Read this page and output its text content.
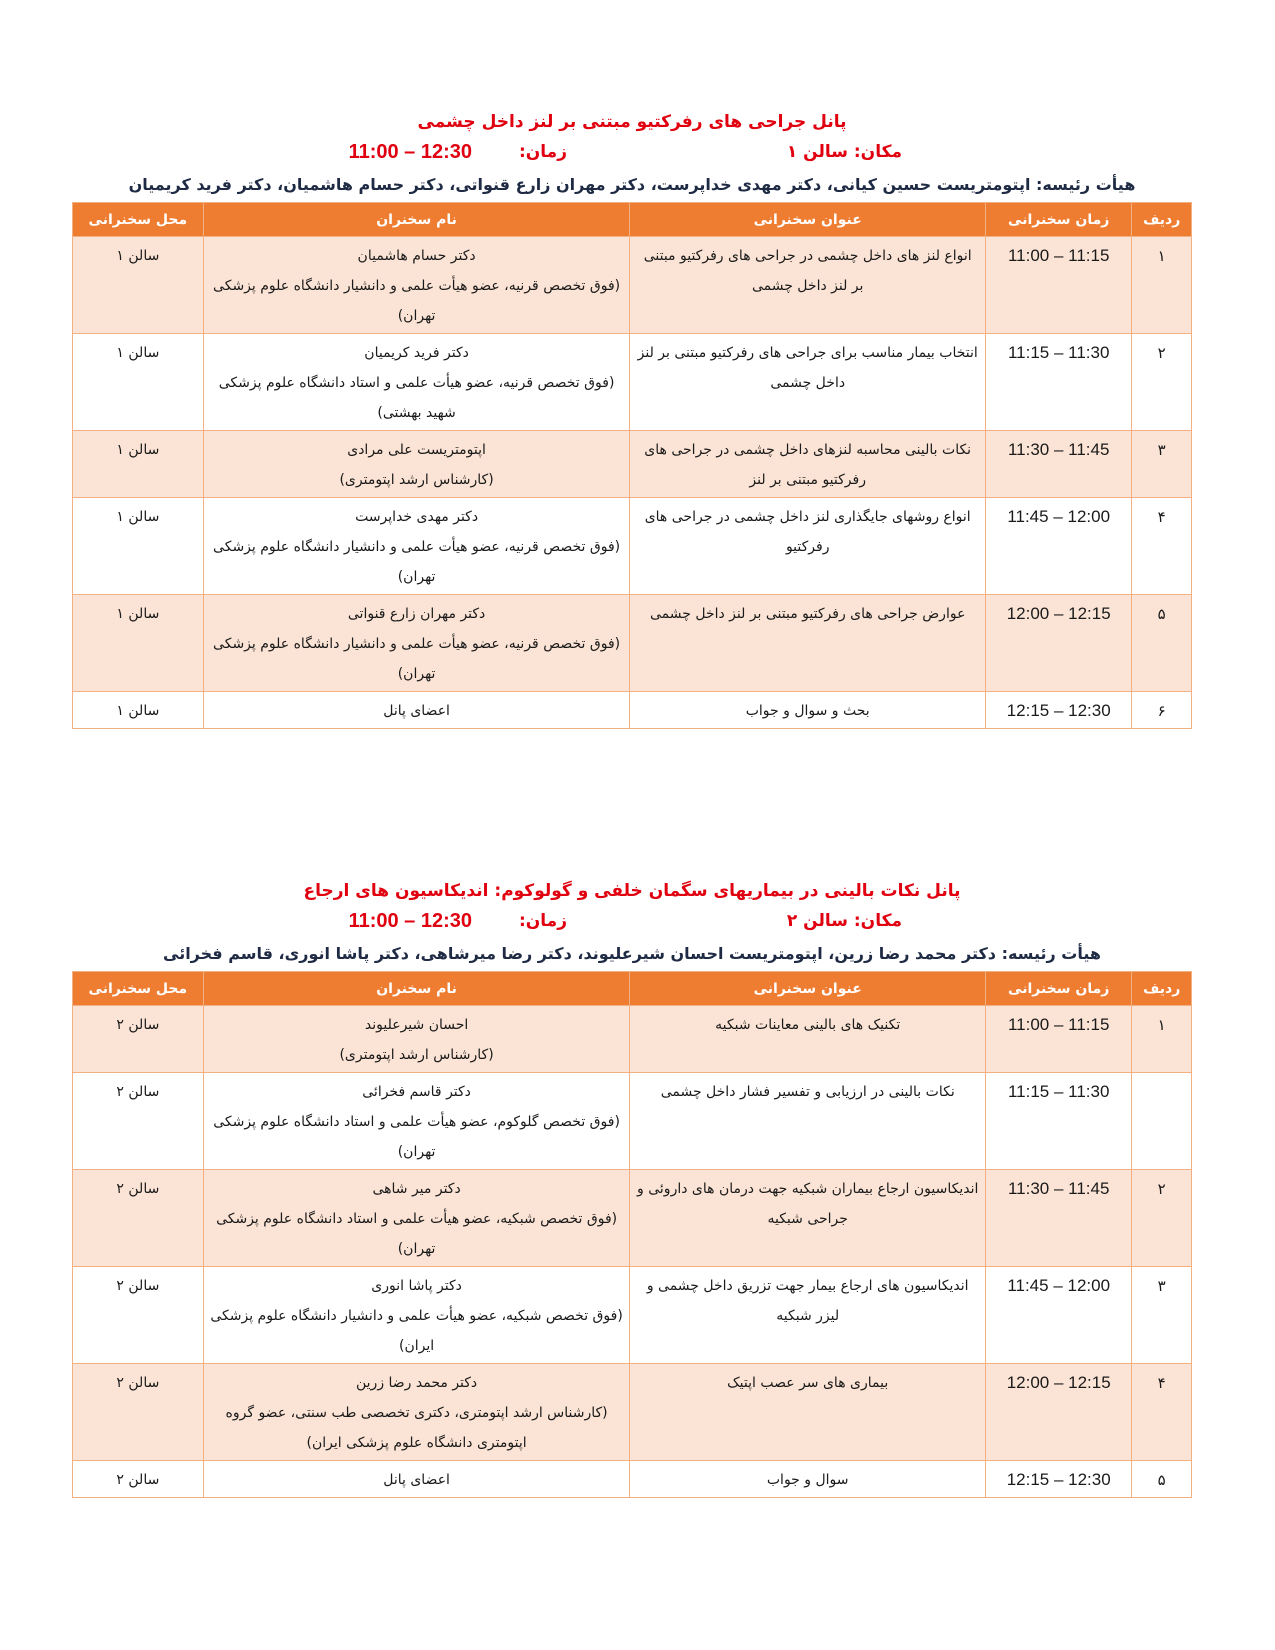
پانل جراحی های رفرکتیو مبتنی بر لنز داخل چشمی
مکان: سالن ۱
زمان:
11:00 – 12:30
هیأت رئیسه: اپتومتریست حسین کیانی، دکتر مهدی خداپرست، دکتر مهران زارع قنواتی، دکتر حسام هاشمیان، دکتر فرید کریمیان
ردیف	زمان سخنرانی	عنوان سخنرانی	نام سخنران	محل سخنرانی
۱	11:00 – 11:15	انواع لنز های داخل چشمی در جراحی های رفرکتیو مبتنی بر لنز داخل چشمی	دکتر حسام هاشمیان
(فوق تخصص قرنیه، عضو هیأت علمی و دانشیار دانشگاه علوم پزشکی تهران)	سالن ۱
۲	11:15 – 11:30	انتخاب بیمار مناسب برای جراحی های رفرکتیو مبتنی بر لنز داخل چشمی	دکتر فرید کریمیان
(فوق تخصص قرنیه، عضو هیأت علمی و استاد دانشگاه علوم پزشکی شهید بهشتی)	سالن ۱
۳	11:30 – 11:45	نکات بالینی محاسبه لنزهای داخل چشمی در جراحی های رفرکتیو مبتنی بر لنز	اپتومتریست علی مرادی
(کارشناس ارشد اپتومتری)	سالن ۱
۴	11:45 – 12:00	انواع روشهای جایگذاری لنز داخل چشمی در جراحی های رفرکتیو	دکتر مهدی خداپرست
(فوق تخصص قرنیه، عضو هیأت علمی و دانشیار دانشگاه علوم پزشکی تهران)	سالن ۱
۵	12:00 – 12:15	عوارض جراحی های رفرکتیو مبتنی بر لنز داخل چشمی	دکتر مهران زارع قنواتی
(فوق تخصص قرنیه، عضو هیأت علمی و دانشیار دانشگاه علوم پزشکی تهران)	سالن ۱
۶	12:15 – 12:30	بحث و سوال و جواب	اعضای پانل	سالن ۱
پانل نکات بالینی در بیماریهای سگمان خلفی و گولوکوم: اندیکاسیون های ارجاع
مکان: سالن ۲
زمان:
11:00 – 12:30
هیأت رئیسه: دکتر محمد رضا زرین، اپتومتریست احسان شیرعلیوند، دکتر رضا میرشاهی، دکتر پاشا انوری، قاسم فخرائی
ردیف	زمان سخنرانی	عنوان سخنرانی	نام سخنران	محل سخنرانی
۱	11:00 – 11:15	تکنیک های بالینی معاینات شبکیه	احسان شیرعلیوند
(کارشناس ارشد اپتومتری)	سالن ۲
	11:15 – 11:30	نکات بالینی در ارزیابی و تفسیر فشار داخل چشمی	دکتر قاسم فخرائی
(فوق تخصص گلوکوم، عضو هیأت علمی و استاد دانشگاه علوم پزشکی تهران)	سالن ۲
۲	11:30 – 11:45	اندیکاسیون ارجاع بیماران شبکیه جهت درمان های داروئی و جراحی شبکیه	دکتر میر شاهی
(فوق تخصص شبکیه، عضو هیأت علمی و استاد دانشگاه علوم پزشکی تهران)	سالن ۲
۳	11:45 – 12:00	اندیکاسیون های ارجاع بیمار جهت تزریق داخل چشمی و لیزر شبکیه	دکتر پاشا انوری
(فوق تخصص شبکیه، عضو هیأت علمی و دانشیار دانشگاه علوم پزشکی ایران)	سالن ۲
۴	12:00 – 12:15	بیماری های سر عصب اپتیک	دکتر محمد رضا زرین
(کارشناس ارشد اپتومتری، دکتری تخصصی طب سنتی، عضو گروه اپتومتری دانشگاه علوم پزشکی ایران)	سالن ۲
۵	12:15 – 12:30	سوال و جواب	اعضای پانل	سالن ۲
